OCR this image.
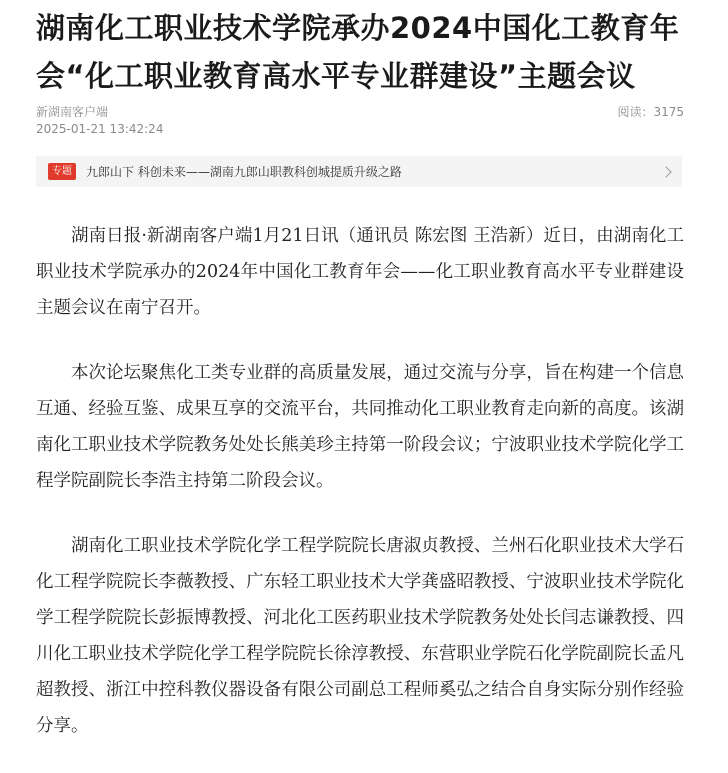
湖南化工职业技术学院承办2024中国化工教育年会“化工职业教育高水平专业群建设”主题会议
新湖南客户端
2025-01-21 13:42:24
阅读：3175
专题	九郎山下 科创未来——湖南九郎山职教科创城提质升级之路

湖南日报·新湖南客户端1月21日讯（通讯员 陈宏图 王浩新）近日，由湖南化工职业技术学院承办的2024年中国化工教育年会——化工职业教育高水平专业群建设主题会议在南宁召开。

本次论坛聚焦化工类专业群的高质量发展，通过交流与分享，旨在构建一个信息互通、经验互鉴、成果互享的交流平台，共同推动化工职业教育走向新的高度。该湖南化工职业技术学院教务处处长熊美珍主持第一阶段会议；宁波职业技术学院化学工程学院副院长李浩主持第二阶段会议。

湖南化工职业技术学院化学工程学院院长唐淑贞教授、兰州石化职业技术大学石化工程学院院长李薇教授、广东轻工职业技术大学龚盛昭教授、宁波职业技术学院化学工程学院院长彭振博教授、河北化工医药职业技术学院教务处处长闫志谦教授、四川化工职业技术学院化学工程学院院长徐淳教授、东营职业学院石化学院副院长孟凡超教授、浙江中控科教仪器设备有限公司副总工程师奚弘之结合自身实际分别作经验分享。
